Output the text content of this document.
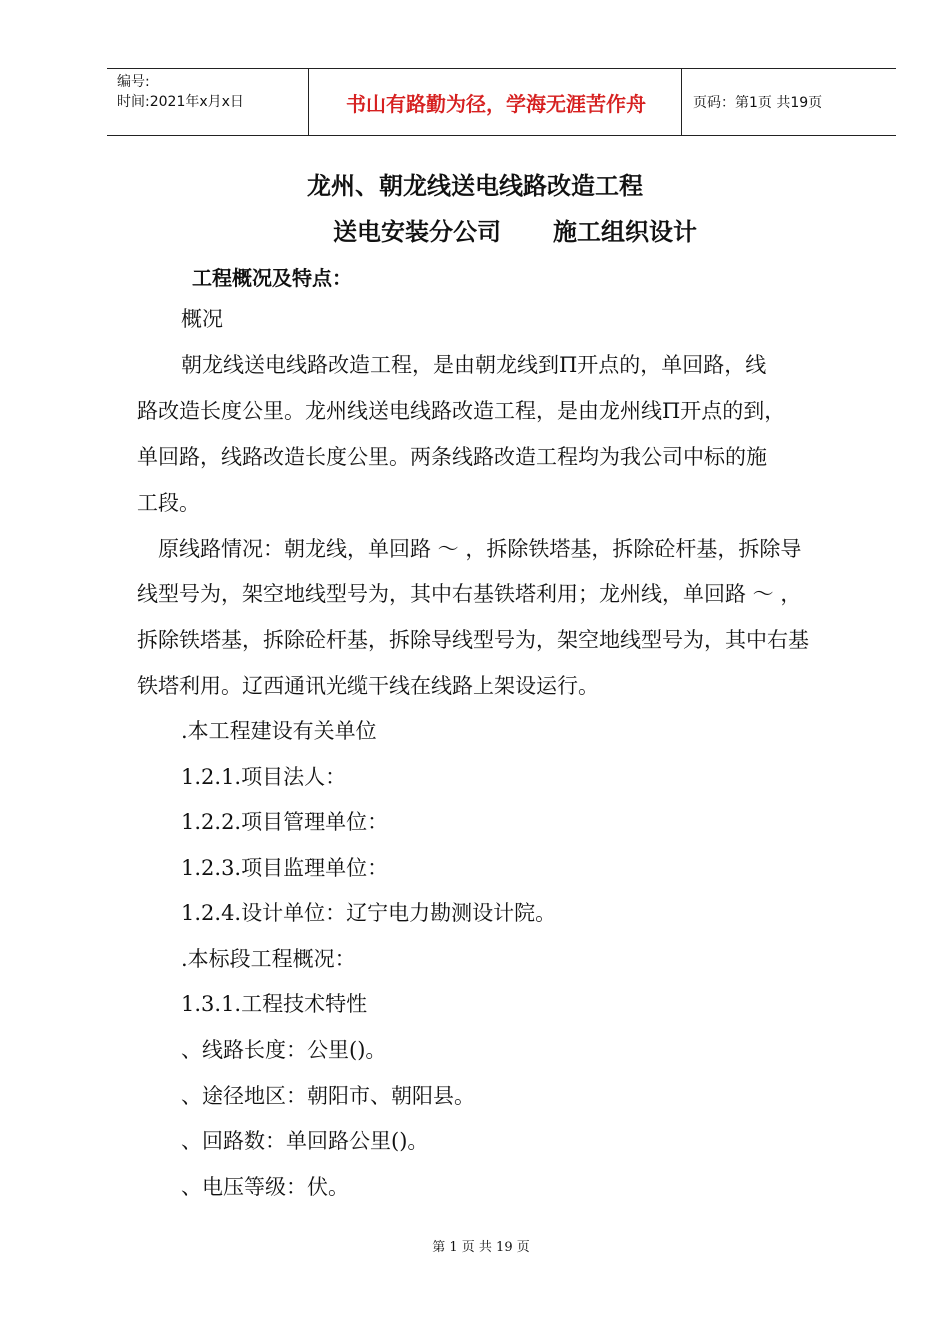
编号:
时间:2021年x月x日	书山有路勤为径，学海无涯苦作舟	页码：第1页 共19页
龙州、朝龙线送电线路改造工程
送电安装分公司 施工组织设计
工程概况及特点：
概况
朝龙线送电线路改造工程，是由朝龙线到Π开点的，单回路，线
路改造长度公里。龙州线送电线路改造工程，是由龙州线Π开点的到，
单回路，线路改造长度公里。两条线路改造工程均为我公司中标的施
工段。
原线路情况：朝龙线，单回路 ～ ，拆除铁塔基，拆除砼杆基，拆除导
线型号为，架空地线型号为，其中右基铁塔利用；龙州线，单回路 ～ ，
拆除铁塔基，拆除砼杆基，拆除导线型号为，架空地线型号为，其中右基
铁塔利用。辽西通讯光缆干线在线路上架设运行。
.本工程建设有关单位
1.2.1.项目法人：
1.2.2.项目管理单位：
1.2.3.项目监理单位：
1.2.4.设计单位：辽宁电力勘测设计院。
.本标段工程概况：
1.3.1.工程技术特性
、线路长度：公里()。
、途径地区：朝阳市、朝阳县。
、回路数：单回路公里()。
、电压等级：伏。
第 1 页 共 19 页
